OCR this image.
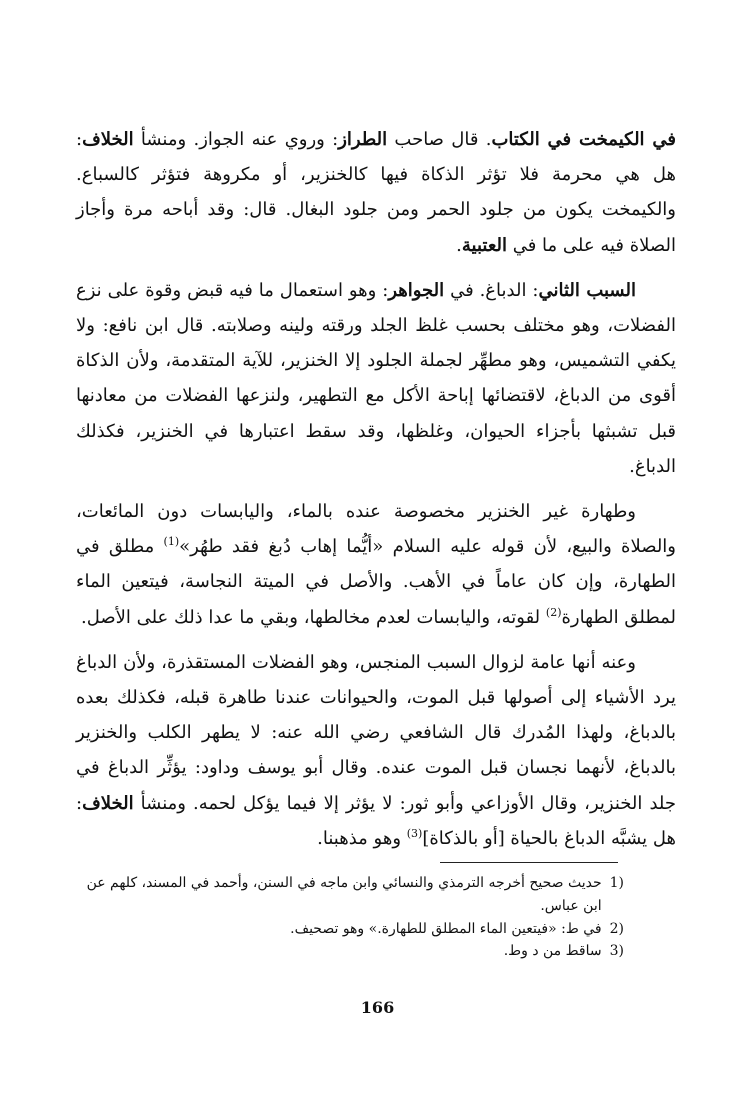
في الكيمخت في الكتاب. قال صاحب الطراز: وروي عنه الجواز. ومنشأ الخلاف: هل هي محرمة فلا تؤثر الذكاة فيها كالخنزير، أو مكروهة فتؤثر كالسباع. والكيمخت يكون من جلود الحمر ومن جلود البغال. قال: وقد أباحه مرة وأجاز الصلاة فيه على ما في العتبية.

السبب الثاني: الدباغ. في الجواهر: وهو استعمال ما فيه قبض وقوة على نزع الفضلات، وهو مختلف بحسب غلظ الجلد ورقته ولينه وصلابته. قال ابن نافع: ولا يكفي التشميس، وهو مطهِّر لجملة الجلود إلا الخنزير، للآية المتقدمة، ولأن الذكاة أقوى من الدباغ، لاقتضائها إباحة الأكل مع التطهير، ولنزعها الفضلات من معادنها قبل تشبثها بأجزاء الحيوان، وغلظها، وقد سقط اعتبارها في الخنزير، فكذلك الدباغ.

وطهارة غير الخنزير مخصوصة عنده بالماء، واليابسات دون المائعات، والصلاة والبيع، لأن قوله عليه السلام «أيُّما إهاب دُبغ فقد طهُر»$^{(1)}$ مطلق في الطهارة، وإن كان عاماً في الأهب. والأصل في الميتة النجاسة، فيتعين الماء لمطلق الطهارة$^{(2)}$ لقوته، واليابسات لعدم مخالطها، وبقي ما عدا ذلك على الأصل.

وعنه أنها عامة لزوال السبب المنجس، وهو الفضلات المستقذرة، ولأن الدباغ يرد الأشياء إلى أصولها قبل الموت، والحيوانات عندنا طاهرة قبله، فكذلك بعده بالدباغ، ولهذا المُدرك قال الشافعي رضي الله عنه: لا يطهر الكلب والخنزير بالدباغ، لأنهما نجسان قبل الموت عنده. وقال أبو يوسف وداود: يؤثِّر الدباغ في جلد الخنزير، وقال الأوزاعي وأبو ثور: لا يؤثر إلا فيما يؤكل لحمه. ومنشأ الخلاف: هل يشبَّه الدباغ بالحياة [أو بالذكاة]$^{(3)}$ وهو مذهبنا.

1)
حديث صحيح أخرجه الترمذي والنسائي وابن ماجه في السنن، وأحمد في المسند، كلهم عن ابن عباس.
2)
في ط: «فيتعين الماء المطلق للطهارة.» وهو تصحيف.
3)
ساقط من د وط.
166
